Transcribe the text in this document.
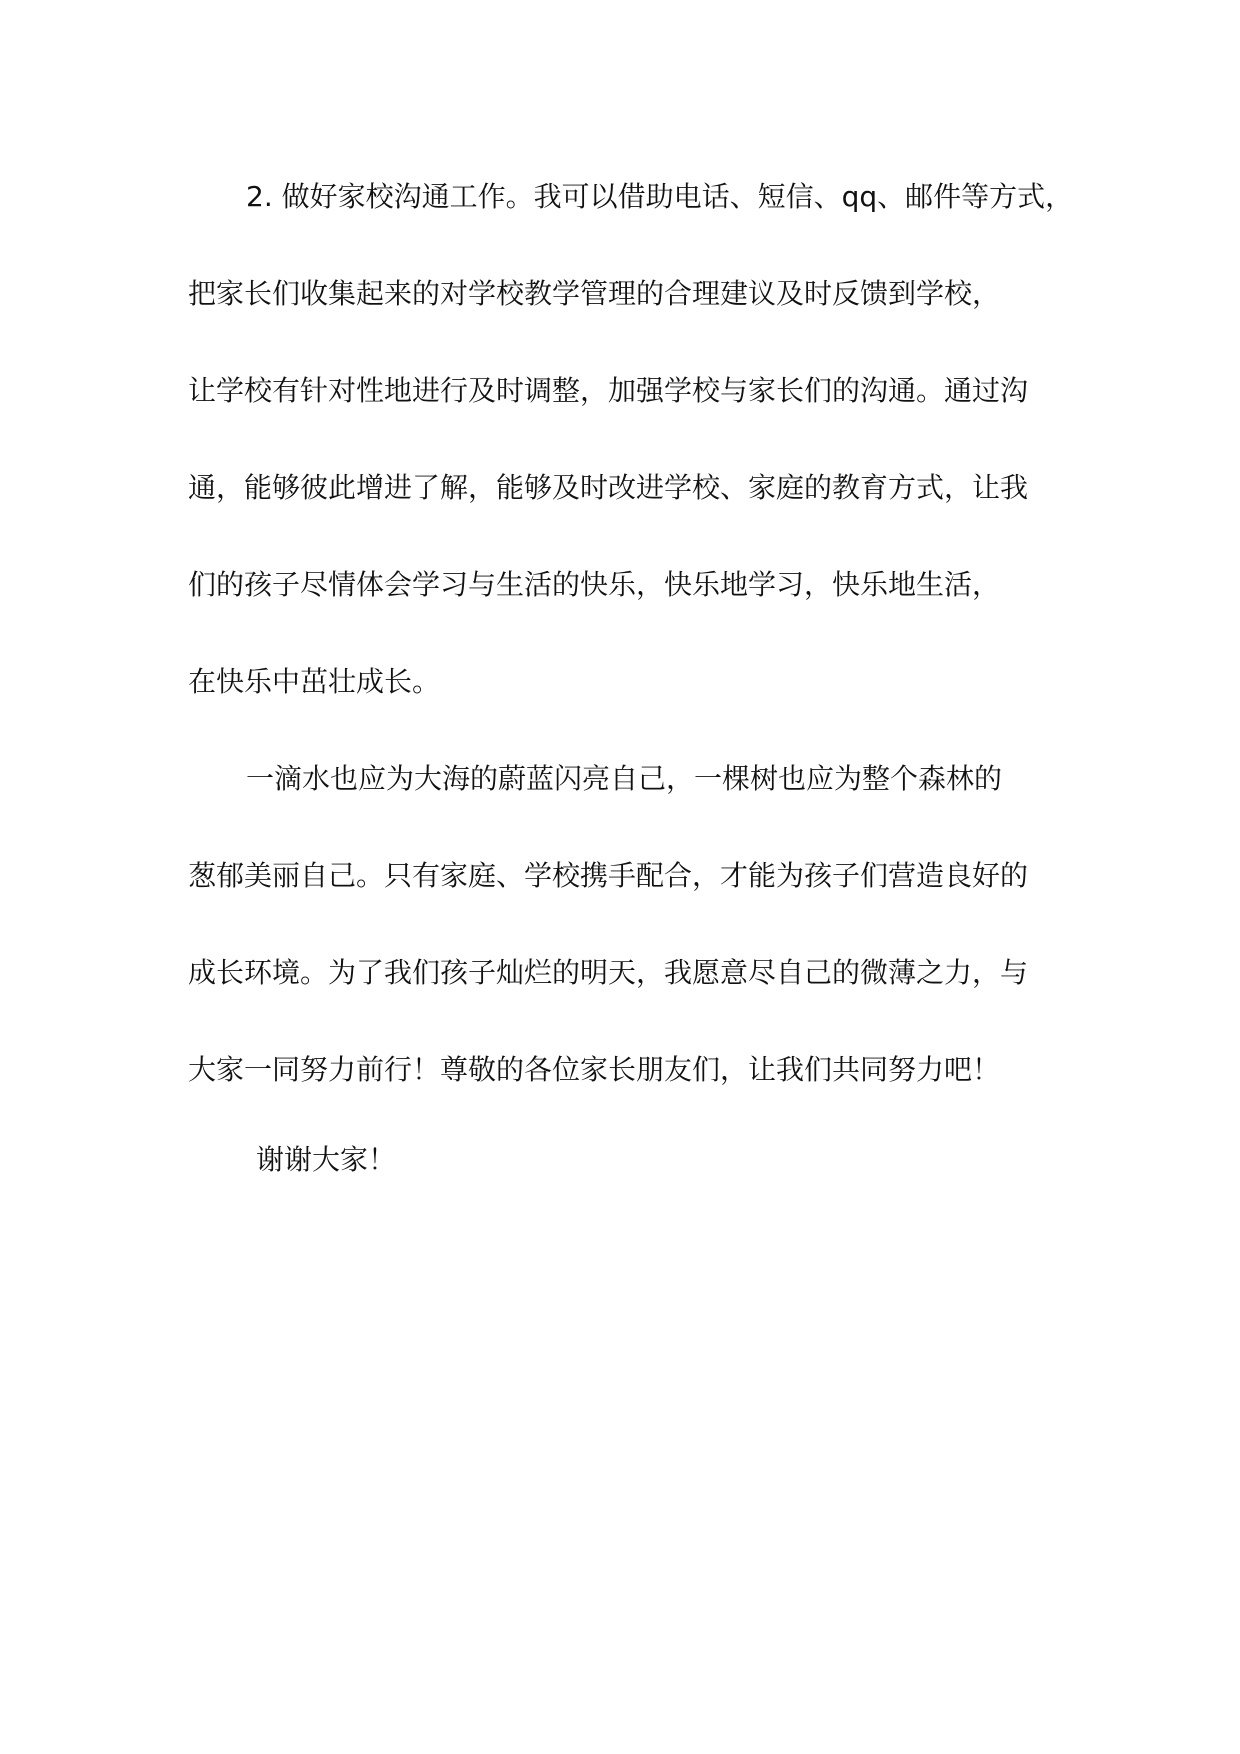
2. 做好家校沟通工作。我可以借助电话、短信、qq、邮件等方式，
把家长们收集起来的对学校教学管理的合理建议及时反馈到学校，
让学校有针对性地进行及时调整，加强学校与家长们的沟通。通过沟
通，能够彼此增进了解，能够及时改进学校、家庭的教育方式，让我
们的孩子尽情体会学习与生活的快乐，快乐地学习，快乐地生活，
在快乐中茁壮成长。
一滴水也应为大海的蔚蓝闪亮自己，一棵树也应为整个森林的
葱郁美丽自己。只有家庭、学校携手配合，才能为孩子们营造良好的
成长环境。为了我们孩子灿烂的明天，我愿意尽自己的微薄之力，与
大家一同努力前行！尊敬的各位家长朋友们，让我们共同努力吧！
谢谢大家！
